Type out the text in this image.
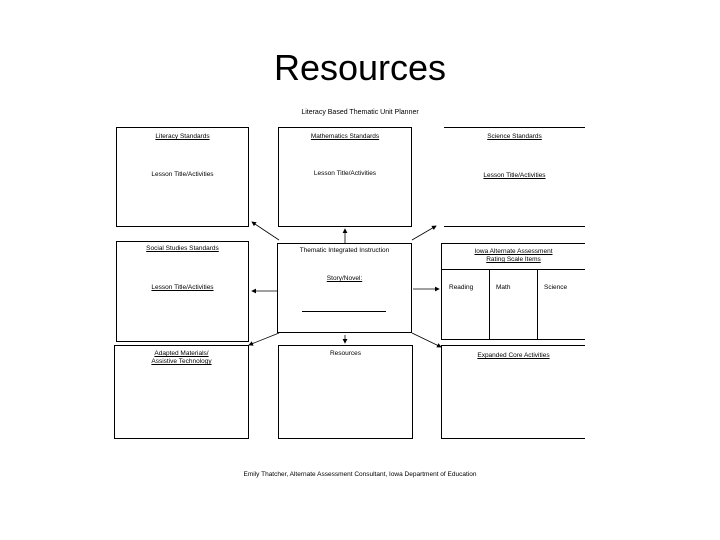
Resources
Literacy Based Thematic Unit Planner
Literacy Standards
Lesson Title/Activities
Mathematics Standards
Lesson Title/Activities
Science Standards
Lesson Title/Activities
Social Studies Standards
Lesson Title/Activities
Thematic Integrated Instruction
Story/Novel:
Iowa Alternate Assessment
Rating Scale Items
Reading	Math	Science
Adapted Materials/
Assistive Technology
Resources	Expanded Core Activities
Emily Thatcher, Alternate Assessment Consultant, Iowa Department of Education
